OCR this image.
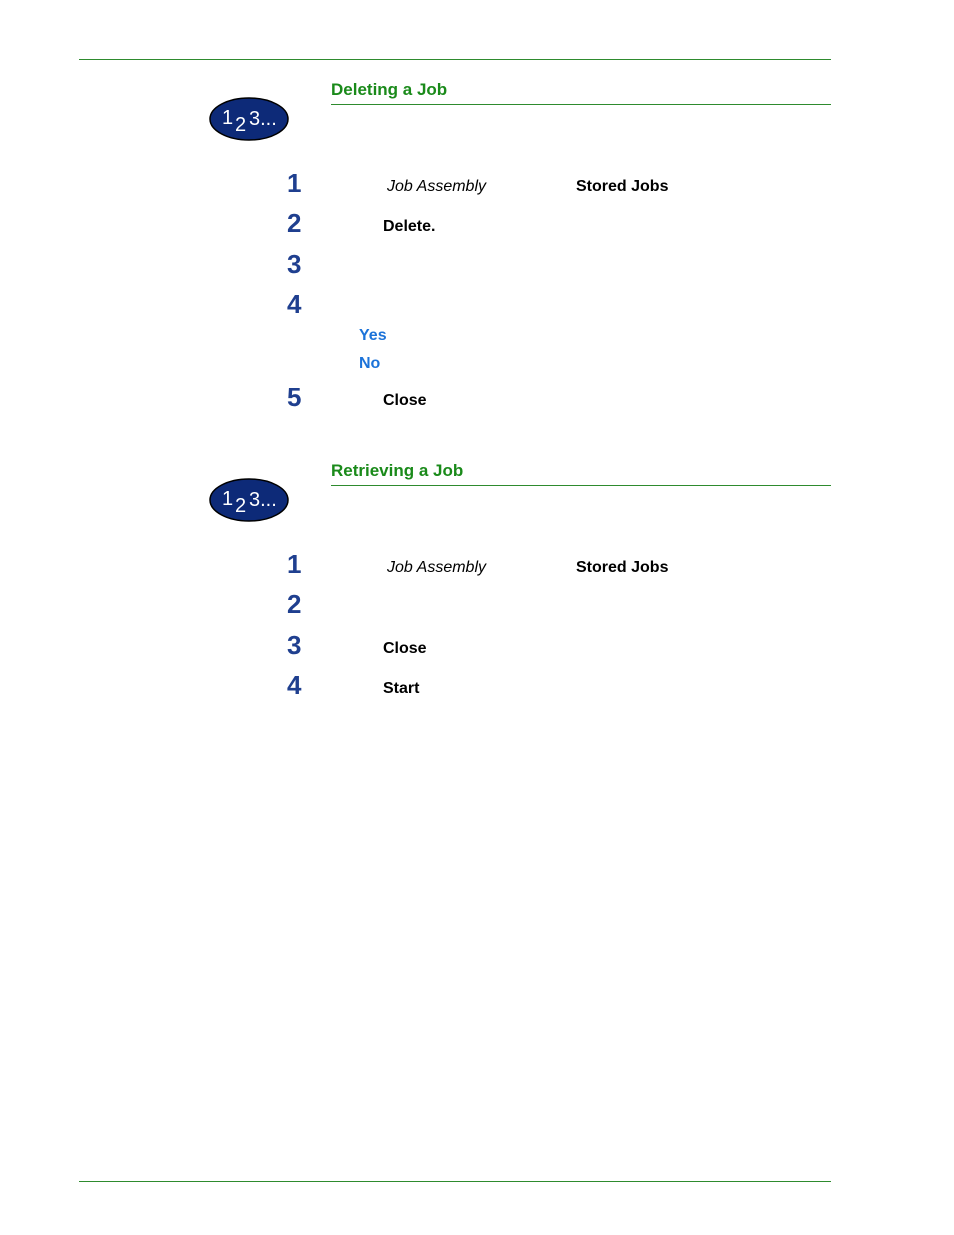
Deleting a Job
1 2 3...
1	Job Assembly	Stored Jobs
2	Delete.
3
4
Yes
No
5	Close
Retrieving a Job
1 2 3...
1	Job Assembly	Stored Jobs
2
3	Close
4	Start
